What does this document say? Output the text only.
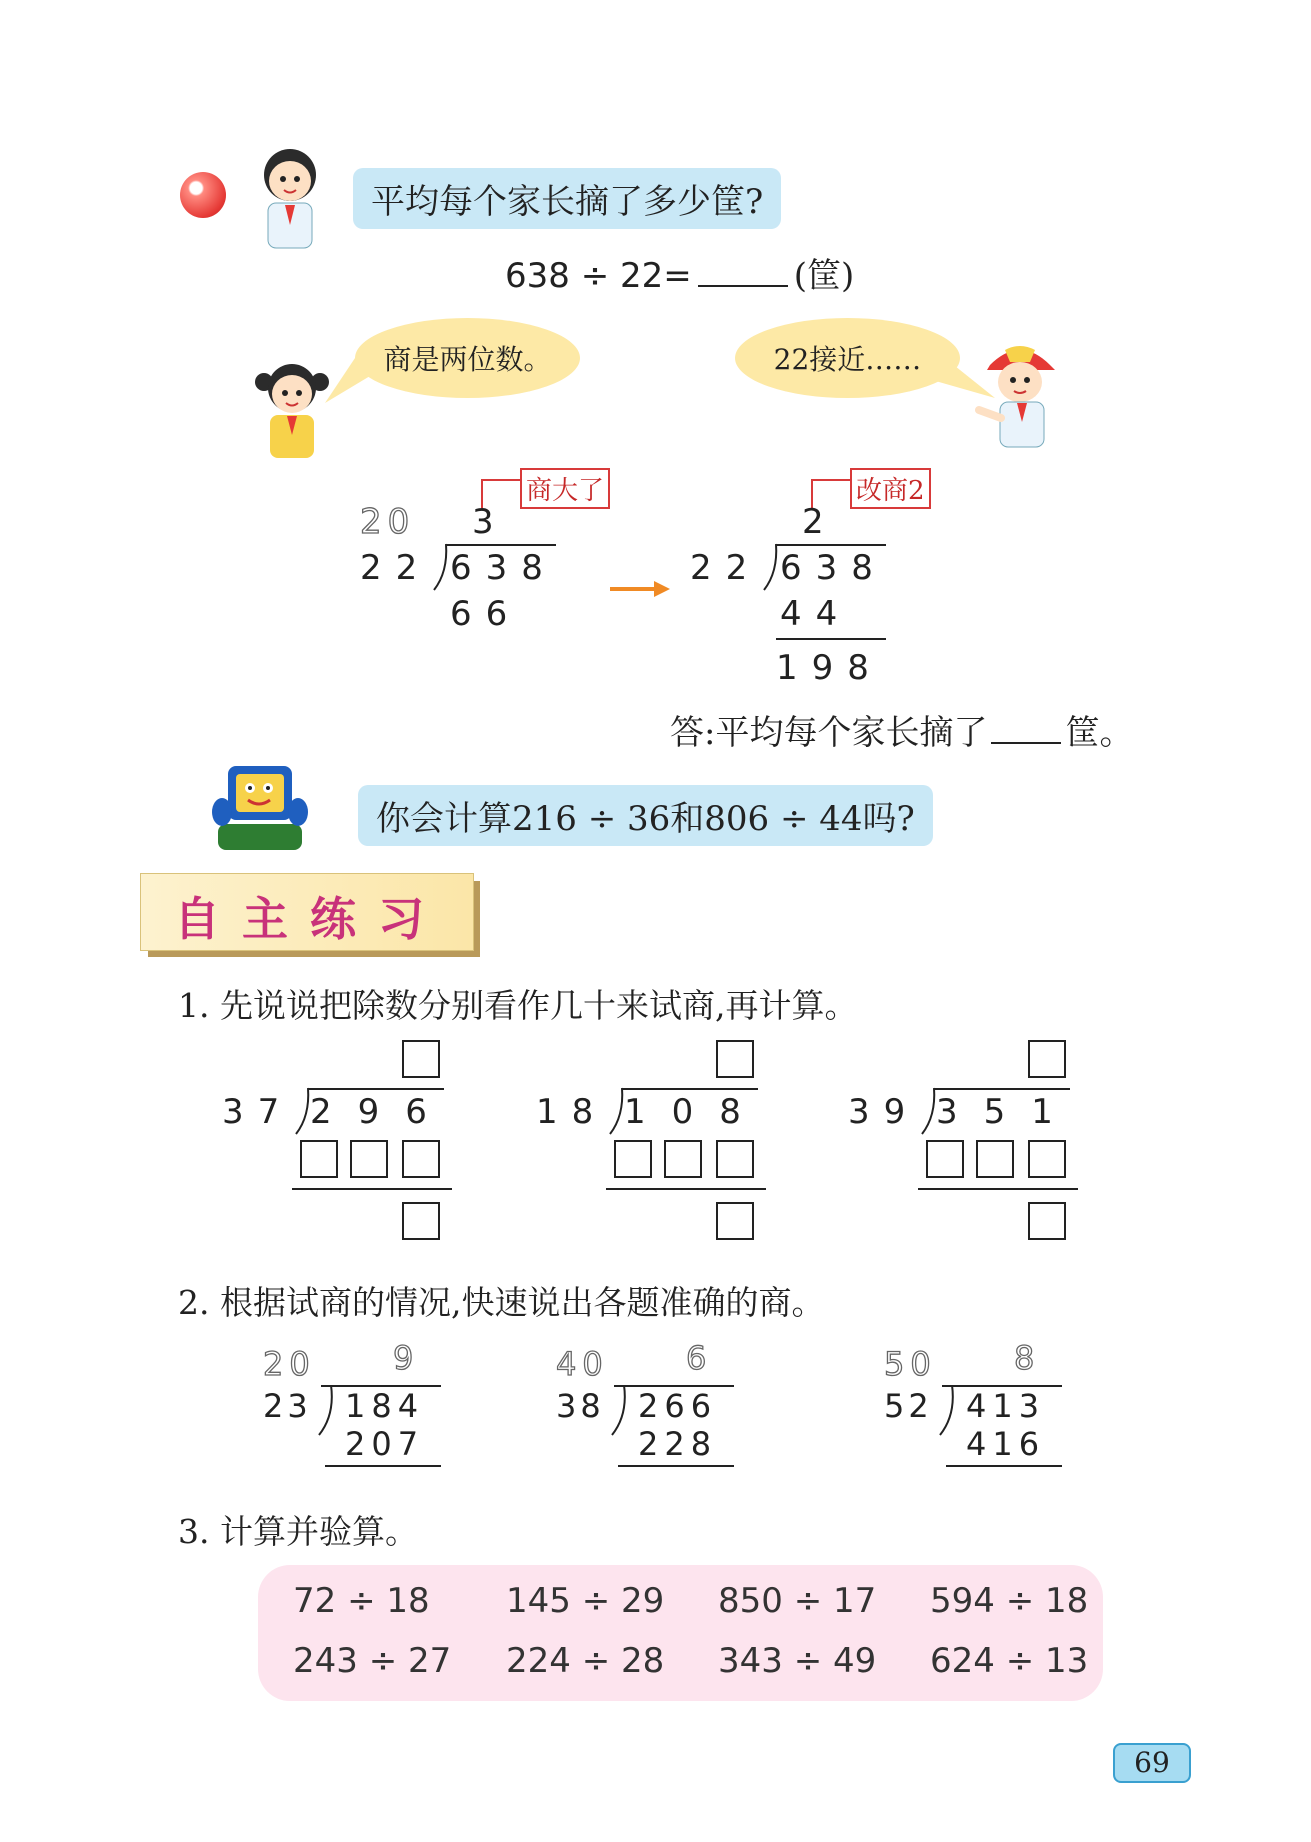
平均每个家长摘了多少筐?
638 ÷ 22=	(筐)
商是两位数。	22接近……
商大了
20 3
22 638
66
改商2
2
22 638
44
198
答:平均每个家长摘了 筐。
你会计算216 ÷ 36和806 ÷ 44吗?
自主练习
1. 先说说把除数分别看作几十来试商,再计算。
37 296 18 108 39 351
2. 根据试商的情况,快速说出各题准确的商。
20 9
23 184
207
40 6
38 266
228
50 8
52 413
416
3. 计算并验算。
72 ÷ 18 145 ÷ 29 850 ÷ 17 594 ÷ 18
243 ÷ 27 224 ÷ 28 343 ÷ 49 624 ÷ 13
69
